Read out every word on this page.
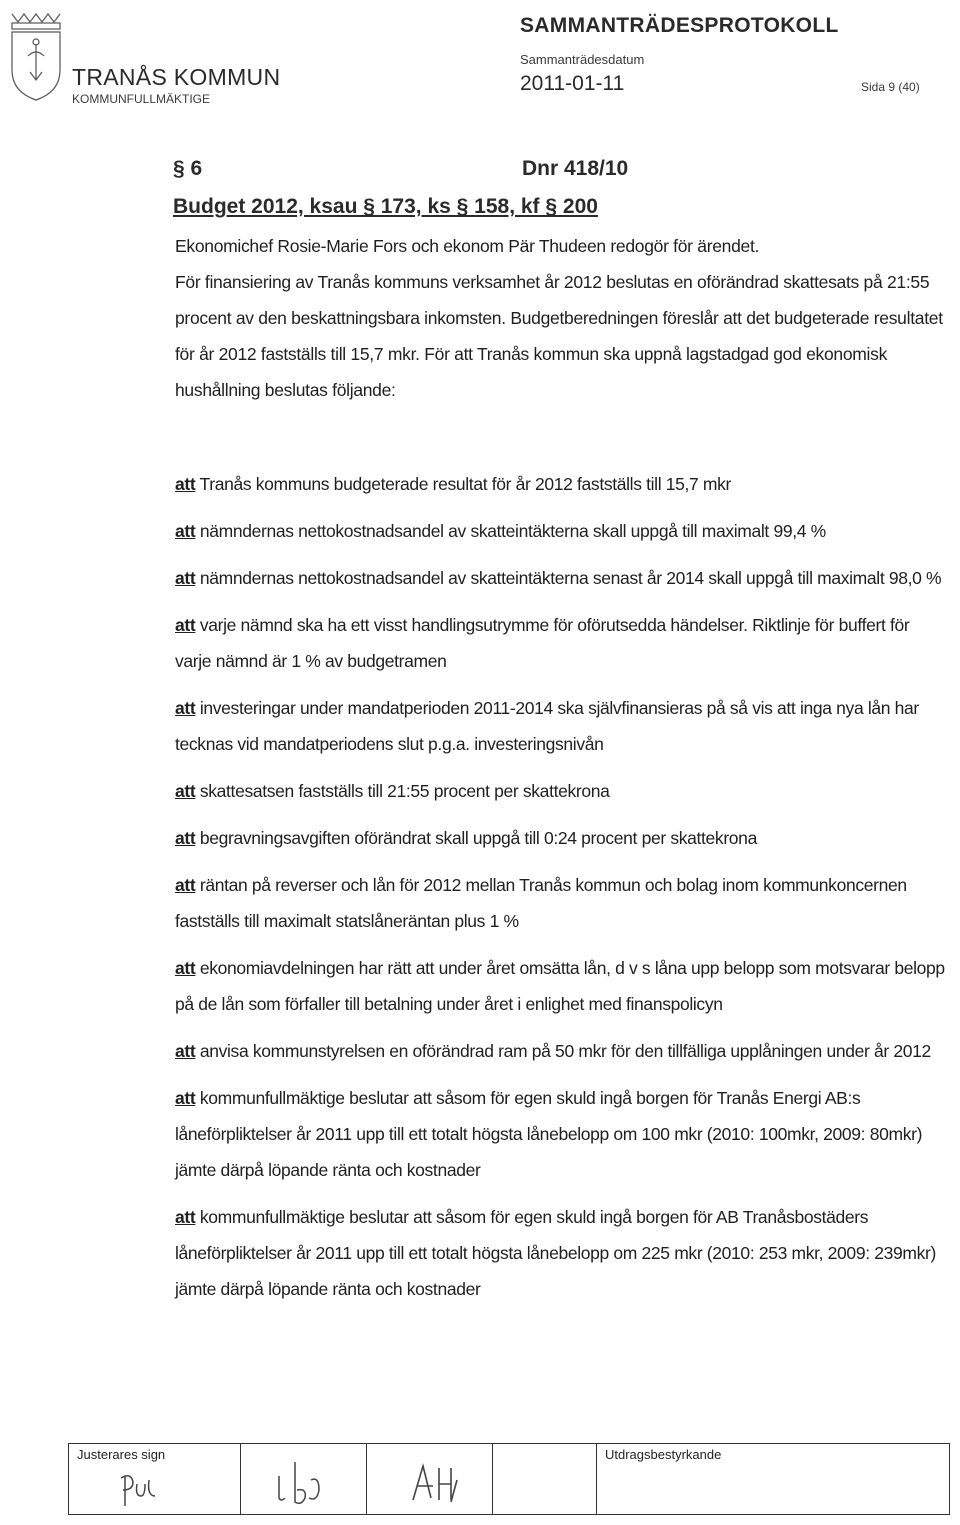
TRANÅS KOMMUN
KOMMUNFULLMÄKTIGE
SAMMANTRÄDESPROTOKOLL
Sammanträdesdatum
2011-01-11	Sida 9 (40)
§ 6	Dnr 418/10
Budget 2012, ksau § 173, ks § 158, kf § 200
Ekonomichef Rosie-Marie Fors och ekonom Pär Thudeen redogör för ärendet.
För finansiering av Tranås kommuns verksamhet år 2012 beslutas en oförändrad skattesats på 21:55 procent av den beskattningsbara inkomsten. Budgetberedningen föreslår att det budgeterade resultatet för år 2012 fastställs till 15,7 mkr. För att Tranås kommun ska uppnå lagstadgad god ekonomisk hushållning beslutas följande:
att Tranås kommuns budgeterade resultat för år 2012 fastställs till 15,7 mkr
att nämndernas nettokostnadsandel av skatteintäkterna skall uppgå till maximalt 99,4 %
att nämndernas nettokostnadsandel av skatteintäkterna senast år 2014 skall uppgå till maximalt 98,0 %
att varje nämnd ska ha ett visst handlingsutrymme för oförutsedda händelser. Riktlinje för buffert för varje nämnd är 1 % av budgetramen
att investeringar under mandatperioden 2011-2014 ska självfinansieras på så vis att inga nya lån har tecknas vid mandatperiodens slut p.g.a. investeringsnivån
att skattesatsen fastställs till 21:55 procent per skattekrona
att begravningsavgiften oförändrat skall uppgå till 0:24 procent per skattekrona
att räntan på reverser och lån för 2012 mellan Tranås kommun och bolag inom kommunkoncernen fastställs till maximalt statslåneräntan plus 1 %
att ekonomiavdelningen har rätt att under året omsätta lån, d v s låna upp belopp som motsvarar belopp på de lån som förfaller till betalning under året i enlighet med finanspolicyn
att anvisa kommunstyrelsen en oförändrad ram på 50 mkr för den tillfälliga upplåningen under år 2012
att kommunfullmäktige beslutar att såsom för egen skuld ingå borgen för Tranås Energi AB:s låneförpliktelser år 2011 upp till ett totalt högsta lånebelopp om 100 mkr (2010: 100mkr, 2009: 80mkr) jämte därpå löpande ränta och kostnader
att kommunfullmäktige beslutar att såsom för egen skuld ingå borgen för AB Tranåsbostäders låneförpliktelser år 2011 upp till ett totalt högsta lånebelopp om 225 mkr (2010: 253 mkr, 2009: 239mkr) jämte därpå löpande ränta och kostnader
Justerares sign	Utdragsbestyrkande
